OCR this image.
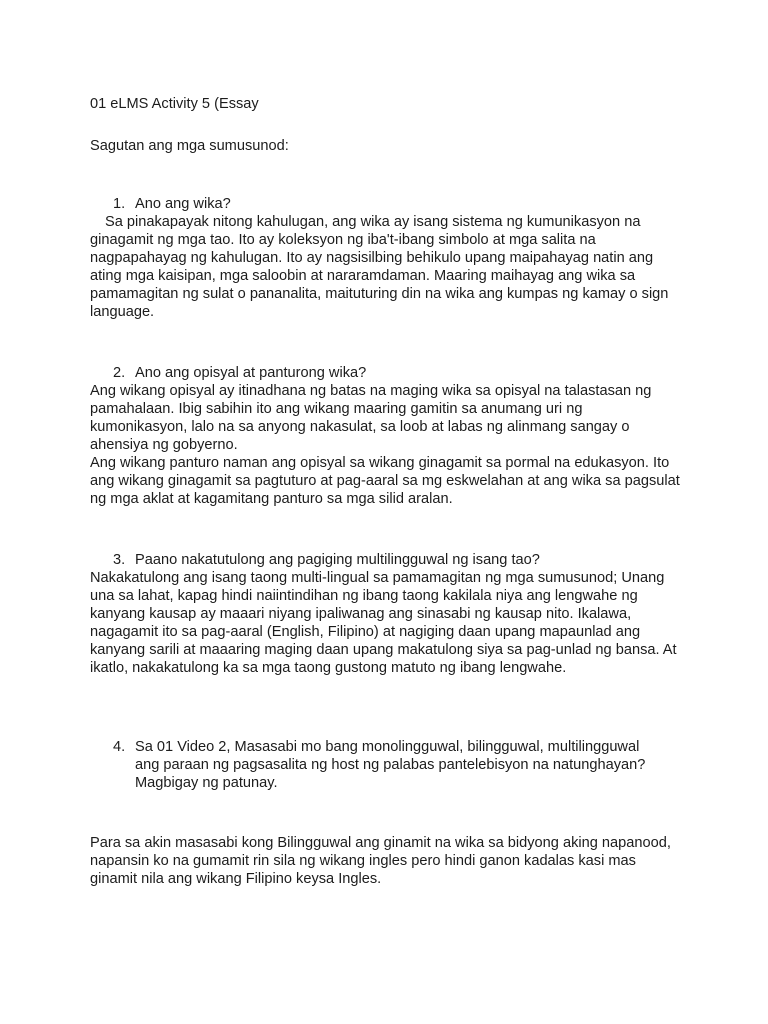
01 eLMS Activity 5 (Essay
Sagutan ang mga sumusunod:
1. Ano ang wika?

Sa pinakapayak nitong kahulugan, ang wika ay isang sistema ng kumunikasyon na ginagamit ng mga tao. Ito ay koleksyon ng iba't-ibang simbolo at mga salita na nagpapahayag ng kahulugan. Ito ay nagsisilbing behikulo upang maipahayag natin ang ating mga kaisipan, mga saloobin at nararamdaman. Maaring maihayag ang wika sa pamamagitan ng sulat o pananalita, maituturing din na wika ang kumpas ng kamay o sign language.

2. Ano ang opisyal at panturong wika?

Ang wikang opisyal ay itinadhana ng batas na maging wika sa opisyal na talastasan ng pamahalaan. Ibig sabihin ito ang wikang maaring gamitin sa anumang uri ng kumonikasyon, lalo na sa anyong nakasulat, sa loob at labas ng alinmang sangay o ahensiya ng gobyerno.

Ang wikang panturo naman ang opisyal sa wikang ginagamit sa pormal na edukasyon. Ito ang wikang ginagamit sa pagtuturo at pag-aaral sa mg eskwelahan at ang wika sa pagsulat ng mga aklat at kagamitang panturo sa mga silid aralan.

3. Paano nakatutulong ang pagiging multilingguwal ng isang tao?

Nakakatulong ang isang taong multi-lingual sa pamamagitan ng mga sumusunod; Unang una sa lahat, kapag hindi naiintindihan ng ibang taong kakilala niya ang lengwahe ng kanyang kausap ay maaari niyang ipaliwanag ang sinasabi ng kausap nito. Ikalawa, nagagamit ito sa pag-aaral (English, Filipino) at nagiging daan upang mapaunlad ang kanyang sarili at maaaring maging daan upang makatulong siya sa pag-unlad ng bansa. At ikatlo, nakakatulong ka sa mga taong gustong matuto ng ibang lengwahe.

4. Sa 01 Video 2, Masasabi mo bang monolingguwal, bilingguwal, multilingguwal ang paraan ng pagsasalita ng host ng palabas pantelebisyon na natunghayan? Magbigay ng patunay.

Para sa akin masasabi kong Bilingguwal ang ginamit na wika sa bidyong aking napanood, napansin ko na gumamit rin sila ng wikang ingles pero hindi ganon kadalas kasi mas ginamit nila ang wikang Filipino keysa Ingles.
